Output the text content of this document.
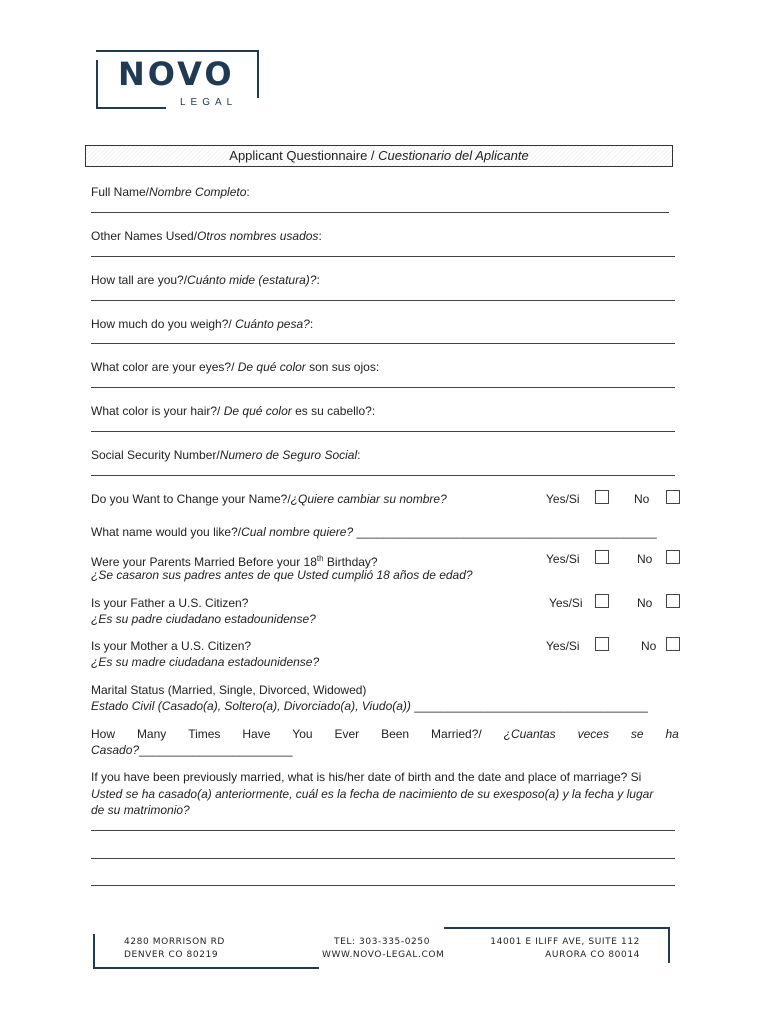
NOVO
LEGAL
Applicant Questionnaire / Cuestionario del Aplicante
Full Name/Nombre Completo:
Other Names Used/Otros nombres usados:
How tall are you?/Cuánto mide (estatura)?:
How much do you weigh?/ Cuánto pesa?:
What color are your eyes?/ De qué color son sus ojos:
What color is your hair?/ De qué color es su cabello?:
Social Security Number/Numero de Seguro Social:
Do you Want to Change your Name?/¿Quiere cambiar su nombre?	Yes/Si	No
What name would you like?/Cual nombre quiere? _____________________________________________
Were your Parents Married Before your 18th Birthday?
¿Se casaron sus padres antes de que Usted cumplió 18 años de edad?
Yes/Si	No
Is your Father a U.S. Citizen?
¿Es su padre ciudadano estadounidense?
Yes/Si	No
Is your Mother a U.S. Citizen?
¿Es su madre ciudadana estadounidense?
Yes/Si	No
Marital Status (Married, Single, Divorced, Widowed)
Estado Civil (Casado(a), Soltero(a), Divorciado(a), Viudo(a)) ___________________________________
How Many Times Have You Ever Been Married?/ ¿Cuantas veces se ha
Casado?_______________________
If you have been previously married, what is his/her date of birth and the date and place of marriage? Si
Usted se ha casado(a) anteriormente, cuál es la fecha de nacimiento de su exesposo(a) y la fecha y lugar
de su matrimonio?
4280 MORRISON RD
DENVER CO 80219
TEL: 303-335-0250
WWW.NOVO-LEGAL.COM
14001 E ILIFF AVE, SUITE 112
AURORA CO 80014
